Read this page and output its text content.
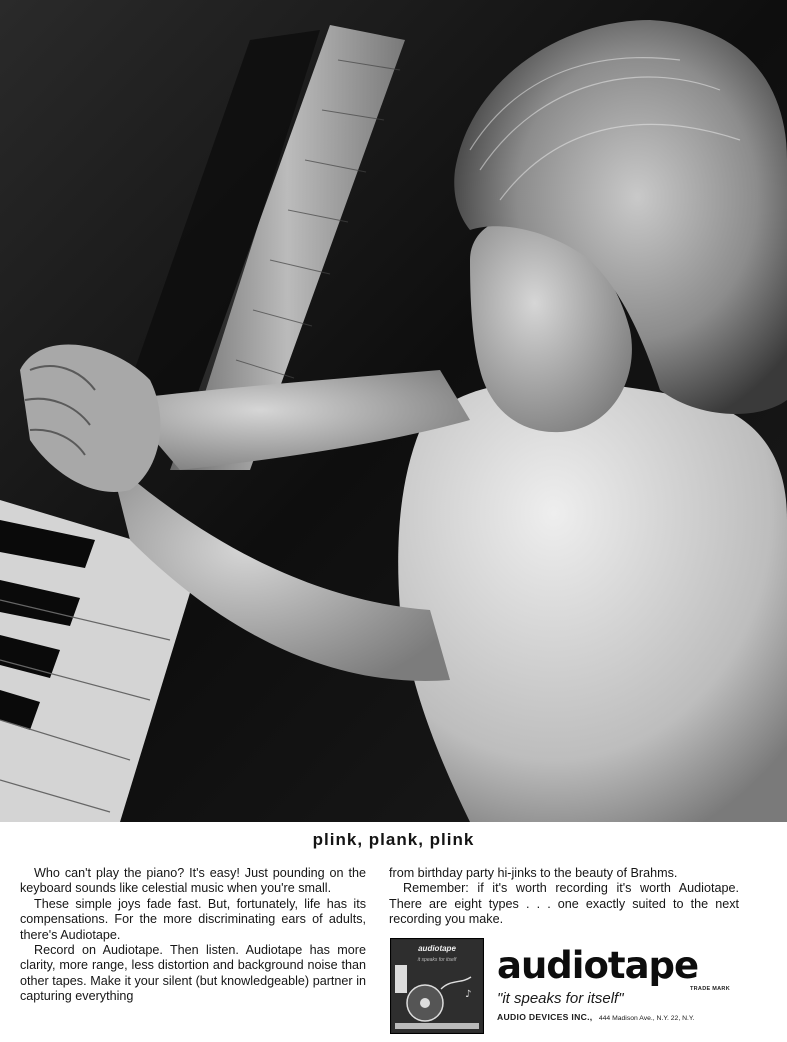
plink, plank, plink

Who can't play the piano? It's easy! Just pounding on the keyboard sounds like celestial music when you're small.

These simple joys fade fast. But, fortunately, life has its compensations. For the more discriminating ears of adults, there's Audiotape.

Record on Audiotape. Then listen. Audiotape has more clarity, more range, less distortion and background noise than other tapes. Make it your silent (but knowledgeable) partner in capturing everything

from birthday party hi-jinks to the beauty of Brahms.

Remember: if it's worth recording it's worth Audiotape. There are eight types . . . one exactly suited to the next recording you make.

♪
audiotape
it speaks for itself	audiotape
TRADE MARK
"it speaks for itself"
AUDIO DEVICES INC., 444 Madison Ave., N.Y. 22, N.Y.
